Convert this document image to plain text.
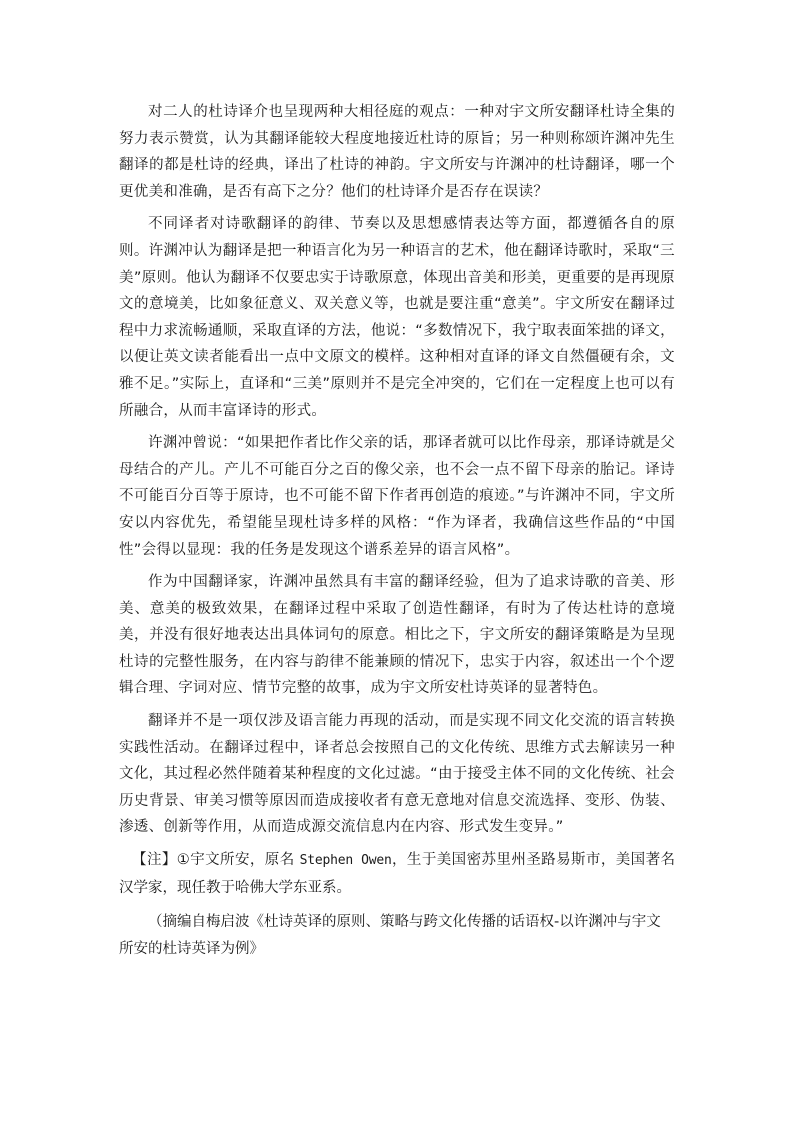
对二人的杜诗译介也呈现两种大相径庭的观点：一种对宇文所安翻译杜诗全集的努力表示赞赏，认为其翻译能较大程度地接近杜诗的原旨；另一种则称颂许渊冲先生翻译的都是杜诗的经典，译出了杜诗的神韵。宇文所安与许渊冲的杜诗翻译，哪一个更优美和准确，是否有高下之分？他们的杜诗译介是否存在误读？

不同译者对诗歌翻译的韵律、节奏以及思想感情表达等方面，都遵循各自的原则。许渊冲认为翻译是把一种语言化为另一种语言的艺术，他在翻译诗歌时，采取“三美”原则。他认为翻译不仅要忠实于诗歌原意，体现出音美和形美，更重要的是再现原文的意境美，比如象征意义、双关意义等，也就是要注重“意美”。宇文所安在翻译过程中力求流畅通顺，采取直译的方法，他说：“多数情况下，我宁取表面笨拙的译文，以便让英文读者能看出一点中文原文的模样。这种相对直译的译文自然僵硬有余，文雅不足。”实际上，直译和“三美”原则并不是完全冲突的，它们在一定程度上也可以有所融合，从而丰富译诗的形式。

许渊冲曾说：“如果把作者比作父亲的话，那译者就可以比作母亲，那译诗就是父母结合的产儿。产儿不可能百分之百的像父亲，也不会一点不留下母亲的胎记。译诗不可能百分百等于原诗，也不可能不留下作者再创造的痕迹。”与许渊冲不同，宇文所安以内容优先，希望能呈现杜诗多样的风格：“作为译者，我确信这些作品的“中国性”会得以显现：我的任务是发现这个谱系差异的语言风格”。

作为中国翻译家，许渊冲虽然具有丰富的翻译经验，但为了追求诗歌的音美、形美、意美的极致效果，在翻译过程中采取了创造性翻译，有时为了传达杜诗的意境美，并没有很好地表达出具体词句的原意。相比之下，宇文所安的翻译策略是为呈现杜诗的完整性服务，在内容与韵律不能兼顾的情况下，忠实于内容，叙述出一个个逻辑合理、字词对应、情节完整的故事，成为宇文所安杜诗英译的显著特色。

翻译并不是一项仅涉及语言能力再现的活动，而是实现不同文化交流的语言转换实践性活动。在翻译过程中，译者总会按照自己的文化传统、思维方式去解读另一种文化，其过程必然伴随着某种程度的文化过滤。“由于接受主体不同的文化传统、社会历史背景、审美习惯等原因而造成接收者有意无意地对信息交流选择、变形、伪装、渗透、创新等作用，从而造成源交流信息内在内容、形式发生变异。”

【注】①宇文所安，原名 Stephen Owen，生于美国密苏里州圣路易斯市，美国著名汉学家，现任教于哈佛大学东亚系。

（摘编自梅启波《杜诗英译的原则、策略与跨文化传播的话语权-以许渊冲与宇文所安的杜诗英译为例》
